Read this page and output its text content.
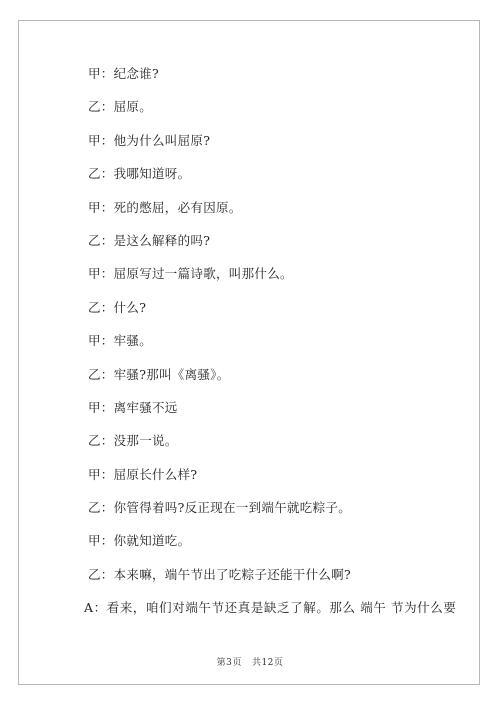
甲：纪念谁?
乙：屈原。
甲：他为什么叫屈原?
乙：我哪知道呀。
甲：死的憋屈，必有因原。
乙：是这么解释的吗?
甲：屈原写过一篇诗歌，叫那什么。
乙：什么?
甲：牢骚。
乙：牢骚?那叫《离骚》。
甲：离牢骚不远
乙：没那一说。
甲：屈原长什么样?
乙：你管得着吗?反正现在一到端午就吃粽子。
甲：你就知道吃。
乙：本来嘛，端午节出了吃粽子还能干什么啊?
A：看来，咱们对端午节还真是缺乏了解。那么 端午 节为什么要
第3页 共12页
